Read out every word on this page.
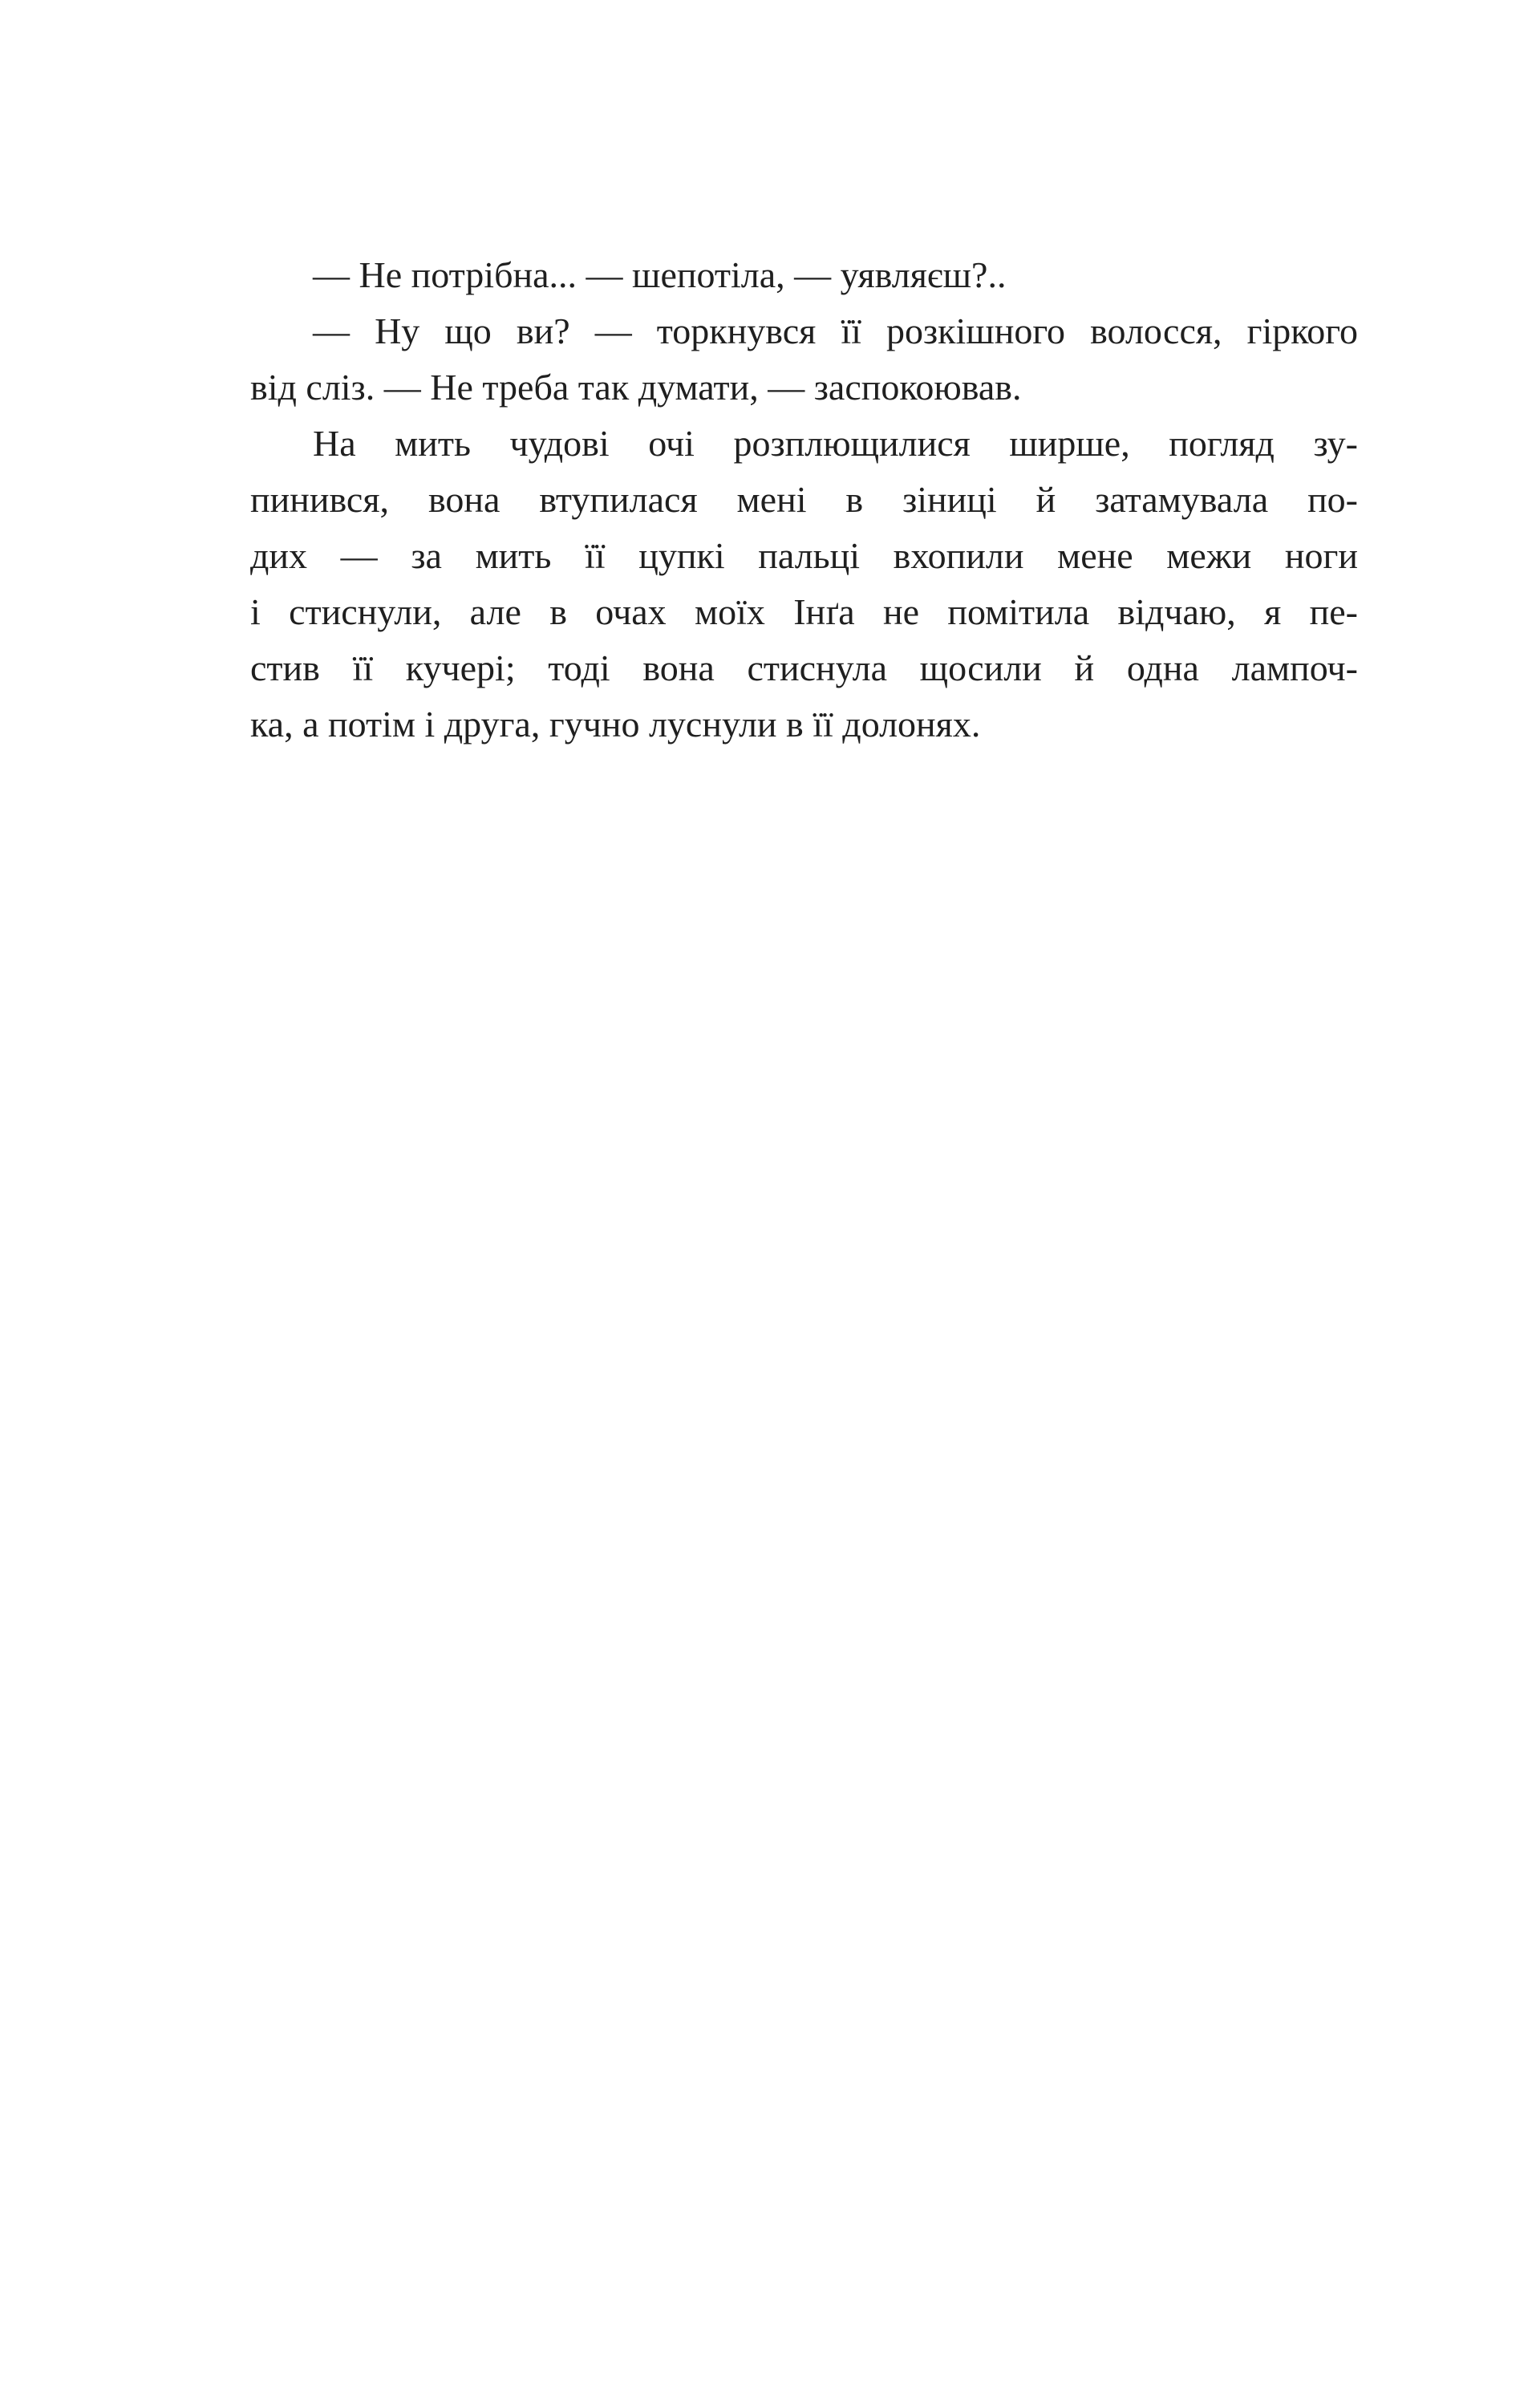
— Не потрібна... — шепотіла, — уявляєш?..
— Ну що ви? — торкнувся її розкішного волосся, гіркого
від сліз. — Не треба так думати, — заспокоював.
На мить чудові очі розплющилися ширше, погляд зу-
пинився, вона втупилася мені в зіниці й затамувала по-
дих — за мить її цупкі пальці вхопили мене межи ноги
і стиснули, але в очах моїх Інґа не помітила відчаю, я пе-
стив її кучері; тоді вона стиснула щосили й одна лампоч-
ка, а потім і друга, гучно луснули в її долонях.
